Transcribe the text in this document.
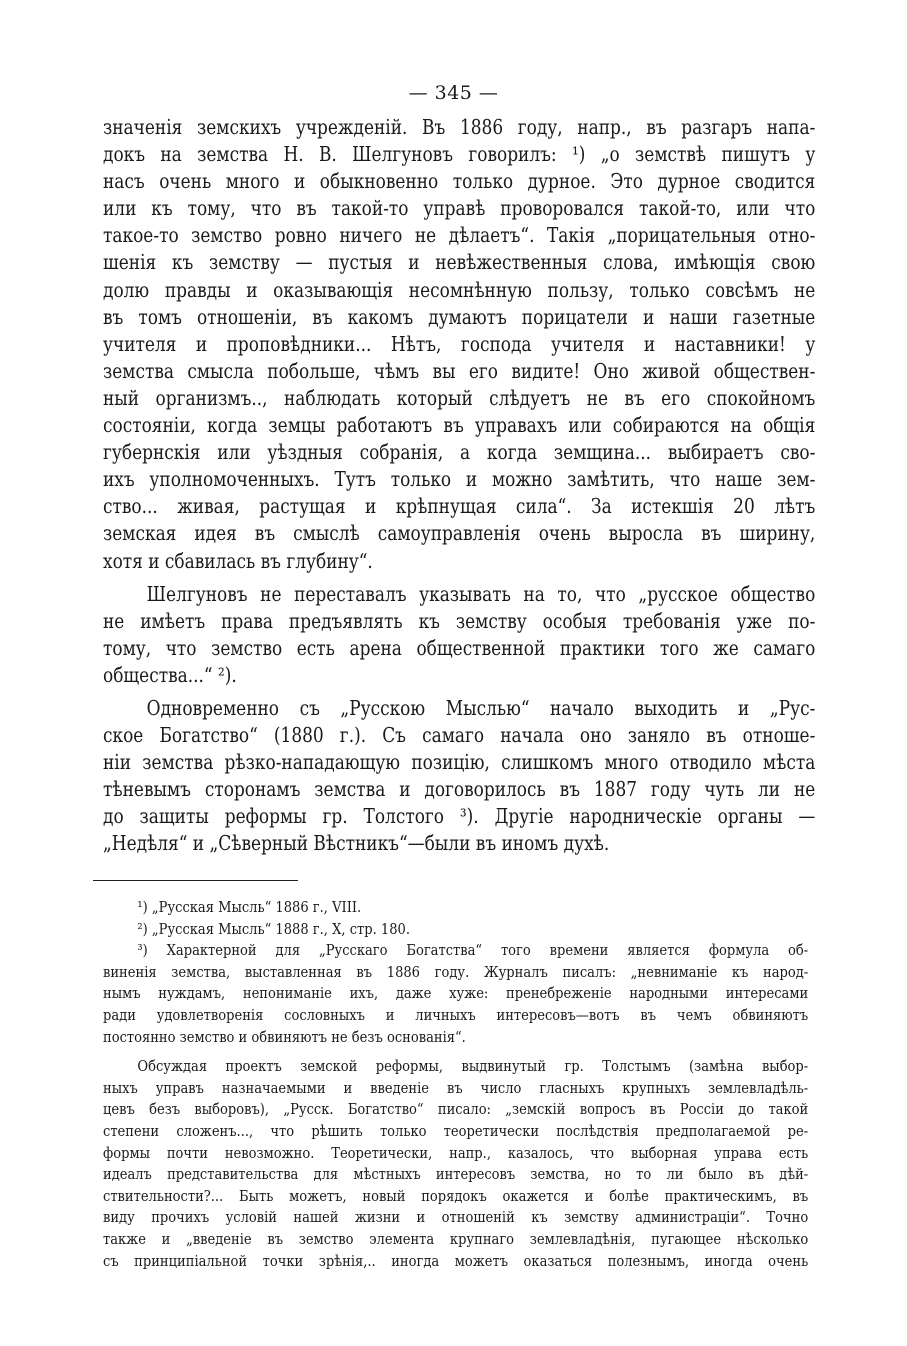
— 345 —

значенія земскихъ учрежденій. Въ 1886 году, напр., въ разгаръ напа-
докъ на земства Н. В. Шелгуновъ говорилъ: ¹) „о земствѣ пишутъ у
насъ очень много и обыкновенно только дурное. Это дурное сводится
или къ тому, что въ такой-то управѣ проворовался такой-то, или что
такое-то земство ровно ничего не дѣлаетъ“. Такія „порицательныя отно-
шенія къ земству — пустыя и невѣжественныя слова, имѣющія свою
долю правды и оказывающія несомнѣнную пользу, только совсѣмъ не
въ томъ отношеніи, въ какомъ думаютъ порицатели и наши газетные
учителя и проповѣдники... Нѣтъ, господа учителя и наставники! у
земства смысла побольше, чѣмъ вы его видите! Оно живой обществен-
ный организмъ.., наблюдать который слѣдуетъ не въ его спокойномъ
состояніи, когда земцы работаютъ въ управахъ или собираются на общія
губернскія или уѣздныя собранія, а когда земщина... выбираетъ сво-
ихъ уполномоченныхъ. Тутъ только и можно замѣтить, что наше зем-
ство... живая, растущая и крѣпнущая сила“. За истекшія 20 лѣтъ
земская идея въ смыслѣ самоуправленія очень выросла въ ширину,
хотя и сбавилась въ глубину“.

Шелгуновъ не переставалъ указывать на то, что „русское общество
не имѣетъ права предъявлять къ земству особыя требованія уже по-
тому, что земство есть арена общественной практики того же самаго
общества...“ ²).

Одновременно съ „Русскою Мыслью“ начало выходить и „Рус-
ское Богатство“ (1880 г.). Съ самаго начала оно заняло въ отноше-
ніи земства рѣзко-нападающую позицію, слишкомъ много отводило мѣста
тѣневымъ сторонамъ земства и договорилось въ 1887 году чуть ли не
до защиты реформы гр. Толстого ³). Другіе народническіе органы —
„Недѣля“ и „Сѣверный Вѣстникъ“—были въ иномъ духѣ.

¹) „Русская Мысль“ 1886 г., VIII.
²) „Русская Мысль“ 1888 г., X, стр. 180.
³) Характерной для „Русскаго Богатства“ того времени является формула об-
виненія земства, выставленная въ 1886 году. Журналъ писалъ: „невниманіе къ народ-
нымъ нуждамъ, непониманіе ихъ, даже хуже: пренебреженіе народными интересами
ради удовлетворенія сословныхъ и личныхъ интересовъ—вотъ въ чемъ обвиняютъ
постоянно земство и обвиняютъ не безъ основанія“.
Обсуждая проектъ земской реформы, выдвинутый гр. Толстымъ (замѣна выбор-
ныхъ управъ назначаемыми и введеніе въ число гласныхъ крупныхъ землевладѣль-
цевъ безъ выборовъ), „Русск. Богатство“ писало: „земскій вопросъ въ Россіи до такой
степени сложенъ..., что рѣшить только теоретически послѣдствія предполагаемой ре-
формы почти невозможно. Теоретически, напр., казалось, что выборная управа есть
идеалъ представительства для мѣстныхъ интересовъ земства, но то ли было въ дѣй-
ствительности?... Быть можетъ, новый порядокъ окажется и болѣе практическимъ, въ
виду прочихъ условій нашей жизни и отношеній къ земству администраціи“. Точно
также и „введеніе въ земство элемента крупнаго землевладѣнія, пугающее нѣсколько
съ принципіальной точки зрѣнія,.. иногда можетъ оказаться полезнымъ, иногда очень
